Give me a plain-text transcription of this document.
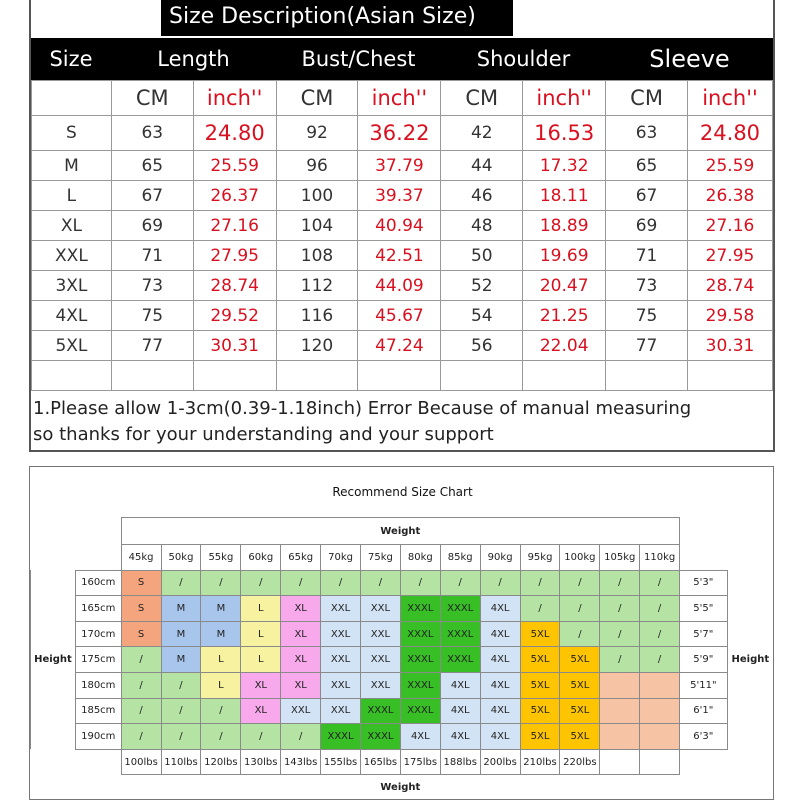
Size Description(Asian Size)
Size	Length	Bust/Chest	Shoulder	Sleeve
	CM	inch''	CM	inch''	CM	inch''	CM	inch''
S	63	24.80	92	36.22	42	16.53	63	24.80
M	65	25.59	96	37.79	44	17.32	65	25.59
L	67	26.37	100	39.37	46	18.11	67	26.38
XL	69	27.16	104	40.94	48	18.89	69	27.16
XXL	71	27.95	108	42.51	50	19.69	71	27.95
3XL	73	28.74	112	44.09	52	20.47	73	28.74
4XL	75	29.52	116	45.67	54	21.25	75	29.58
5XL	77	30.31	120	47.24	56	22.04	77	30.31

1.Please allow 1-3cm(0.39-1.18inch) Error Because of manual measuring
so thanks for your understanding and your support
Recommend Size Chart
		Weight															
		45kg	50kg	55kg	60kg	65kg	70kg	75kg	80kg	85kg	90kg	95kg	100kg	105kg	110kg		
Height	160cm	S	/	/	/	/	/	/	/	/	/	/	/	/	/	5'3"	Height
	165cm	S	M	M	L	XL	XXL	XXL	XXXL	XXXL	4XL	/	/	/	/	5'5"	
	170cm	S	M	M	L	XL	XXL	XXL	XXXL	XXXL	4XL	5XL	/	/	/	5'7"	
	175cm	/	M	L	L	XL	XXL	XXL	XXXL	XXXL	4XL	5XL	5XL	/	/	5'9"	
	180cm	/	/	L	XL	XL	XXL	XXL	XXXL	4XL	4XL	5XL	5XL			5'11"	
	185cm	/	/	/	XL	XXL	XXL	XXXL	XXXL	4XL	4XL	5XL	5XL			6'1"	
	190cm	/	/	/	/	/	XXXL	XXXL	4XL	4XL	4XL	5XL	5XL			6'3"	
		100lbs	110lbs	120lbs	130lbs	143lbs	155lbs	165lbs	175lbs	188lbs	200lbs	210lbs	220lbs				
		Weight															
